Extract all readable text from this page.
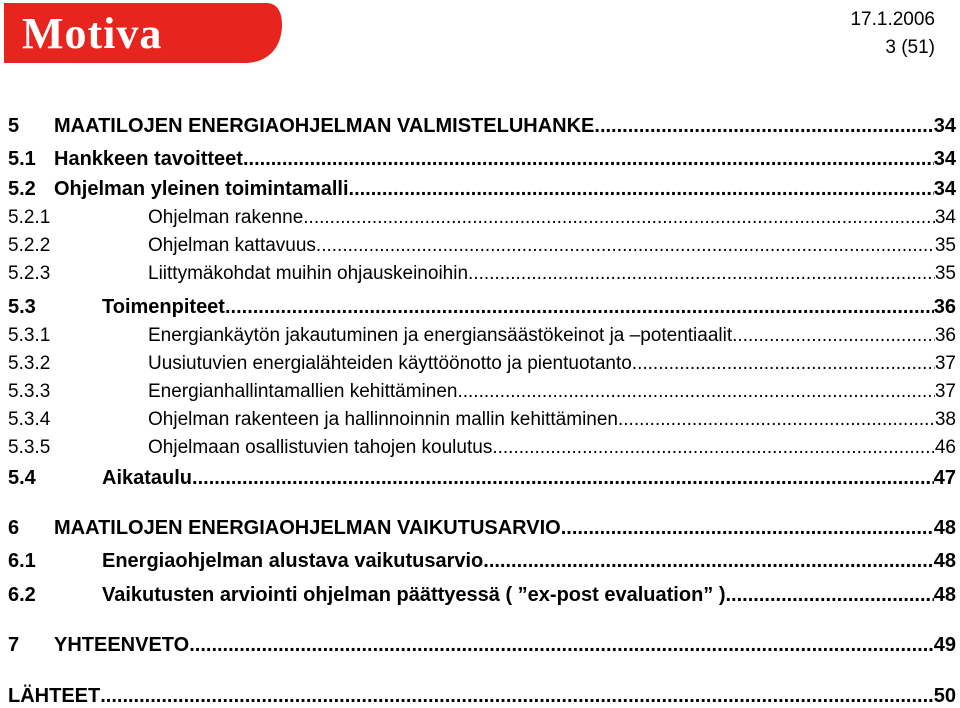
Motiva	17.1.2006
3 (51)
5	MAATILOJEN ENERGIAOHJELMAN VALMISTELUHANKE .....	34
5.1 Hankkeen tavoitteet .....	34
5.2 Ohjelman yleinen toimintamalli .....	34
5.2.1	Ohjelman rakenne .....	34
5.2.2	Ohjelman kattavuus .....	35
5.2.3	Liittymäkohdat muihin ohjauskeinoihin .....	35
5.3	Toimenpiteet .....	36
5.3.1	Energiankäytön jakautuminen ja energiansäästökeinot ja –potentiaalit .....	36
5.3.2	Uusiutuvien energialähteiden käyttöönotto ja pientuotanto .....	37
5.3.3	Energianhallintamallien kehittäminen .....	37
5.3.4	Ohjelman rakenteen ja hallinnoinnin mallin kehittäminen .....	38
5.3.5	Ohjelmaan osallistuvien tahojen koulutus .....	46
5.4	Aikataulu .....	47
6	MAATILOJEN ENERGIAOHJELMAN VAIKUTUSARVIO .....	48
6.1	Energiaohjelman alustava vaikutusarvio .....	48
6.2	Vaikutusten arviointi ohjelman päättyessä ( ”ex-post evaluation” ) .....	48
7	YHTEENVETO .....	49
LÄHTEET .....	50
